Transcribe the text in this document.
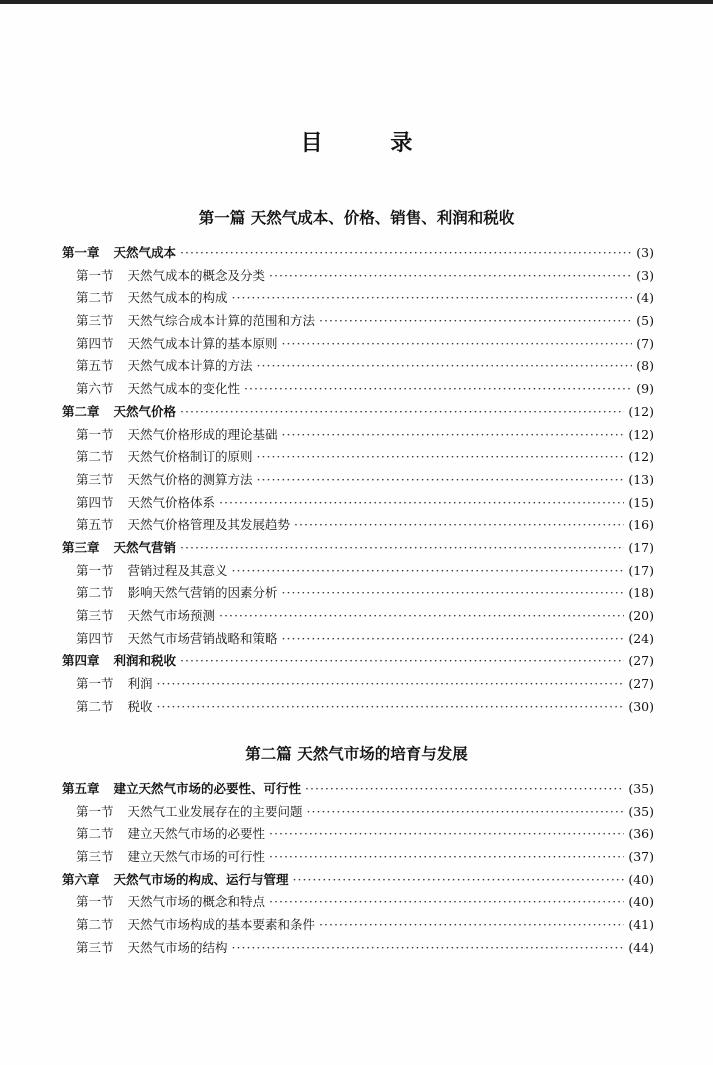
目 录
第一篇 天然气成本、价格、销售、利润和税收
第一章 天然气成本 ·····	(3)
第一节 天然气成本的概念及分类 ·····	(3)
第二节 天然气成本的构成 ·····	(4)
第三节 天然气综合成本计算的范围和方法 ·····	(5)
第四节 天然气成本计算的基本原则 ·····	(7)
第五节 天然气成本计算的方法 ·····	(8)
第六节 天然气成本的变化性 ·····	(9)
第二章 天然气价格 ·····	(12)
第一节 天然气价格形成的理论基础 ·····	(12)
第二节 天然气价格制订的原则 ·····	(12)
第三节 天然气价格的测算方法 ·····	(13)
第四节 天然气价格体系 ·····	(15)
第五节 天然气价格管理及其发展趋势 ·····	(16)
第三章 天然气营销 ·····	(17)
第一节 营销过程及其意义 ·····	(17)
第二节 影响天然气营销的因素分析 ·····	(18)
第三节 天然气市场预测 ·····	(20)
第四节 天然气市场营销战略和策略 ·····	(24)
第四章 利润和税收 ·····	(27)
第一节 利润 ·····	(27)
第二节 税收 ·····	(30)
第二篇 天然气市场的培育与发展
第五章 建立天然气市场的必要性、可行性 ·····	(35)
第一节 天然气工业发展存在的主要问题 ·····	(35)
第二节 建立天然气市场的必要性 ·····	(36)
第三节 建立天然气市场的可行性 ·····	(37)
第六章 天然气市场的构成、运行与管理 ·····	(40)
第一节 天然气市场的概念和特点 ·····	(40)
第二节 天然气市场构成的基本要素和条件 ·····	(41)
第三节 天然气市场的结构 ·····	(44)
